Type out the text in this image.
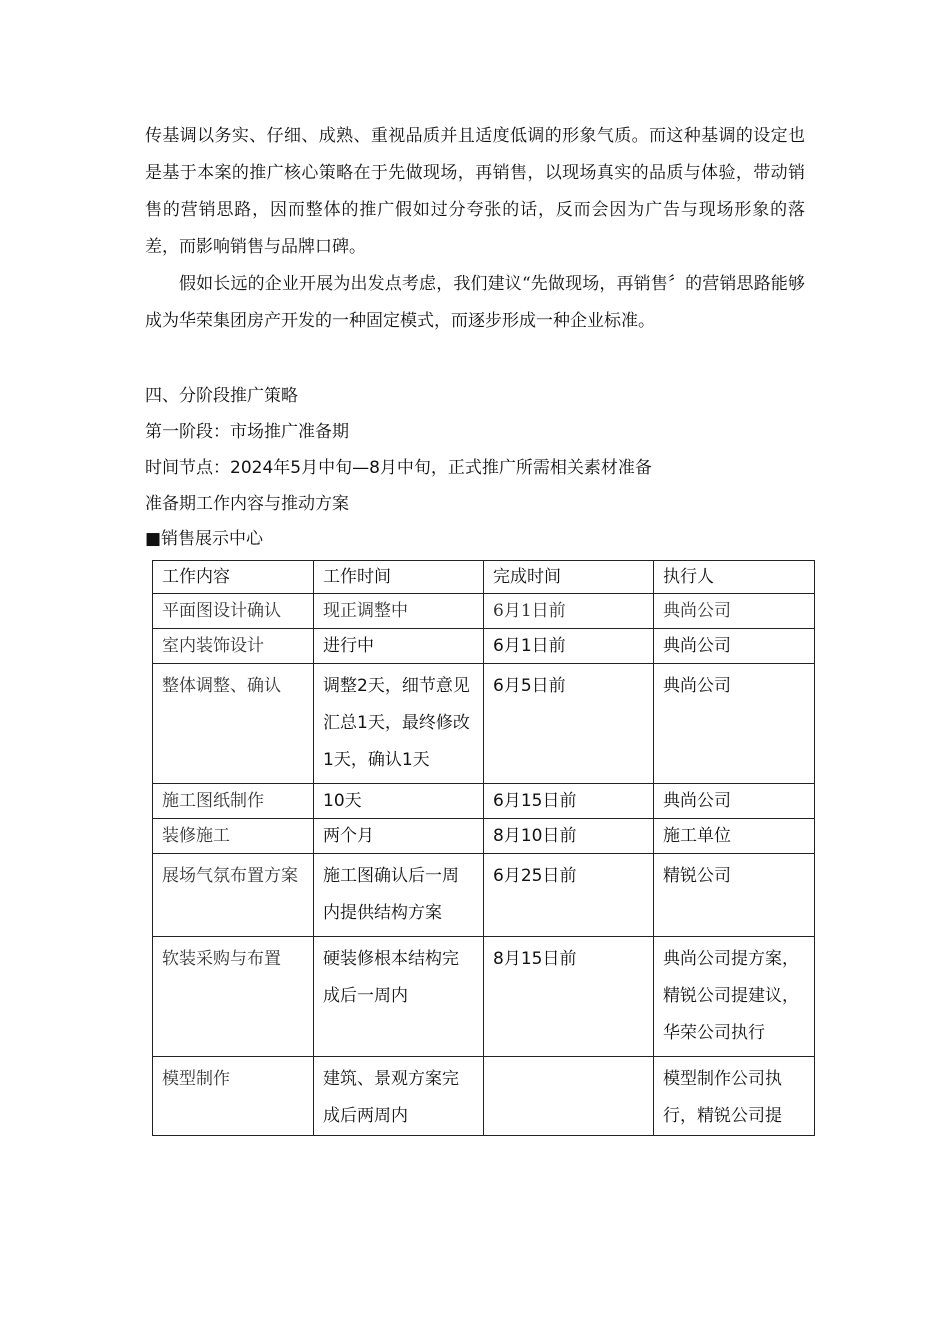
传基调以务实、仔细、成熟、重视品质并且适度低调的形象气质。而这种基调的设定也是基于本案的推广核心策略在于先做现场，再销售，以现场真实的品质与体验，带动销售的营销思路，因而整体的推广假如过分夸张的话，反而会因为广告与现场形象的落差，而影响销售与品牌口碑。

假如长远的企业开展为出发点考虑，我们建议“先做现场，再销售〞的营销思路能够成为华荣集团房产开发的一种固定模式，而逐步形成一种企业标准。

四、分阶段推广策略
第一阶段：市场推广准备期
时间节点：2024年5月中旬—8月中旬，正式推广所需相关素材准备
准备期工作内容与推动方案
■销售展示中心
工作内容	工作时间	完成时间	执行人
平面图设计确认	现正调整中	6月1日前	典尚公司
室内装饰设计	进行中	6月1日前	典尚公司
整体调整、确认	调整2天，细节意见汇总1天，最终修改1天，确认1天	6月5日前	典尚公司
施工图纸制作	10天	6月15日前	典尚公司
装修施工	两个月	8月10日前	施工单位
展场气氛布置方案	施工图确认后一周内提供结构方案	6月25日前	精锐公司
软装采购与布置	硬装修根本结构完成后一周内	8月15日前	典尚公司提方案，精锐公司提建议，华荣公司执行

模型制作	建筑、景观方案完成后两周内		模型制作公司执行，精锐公司提
